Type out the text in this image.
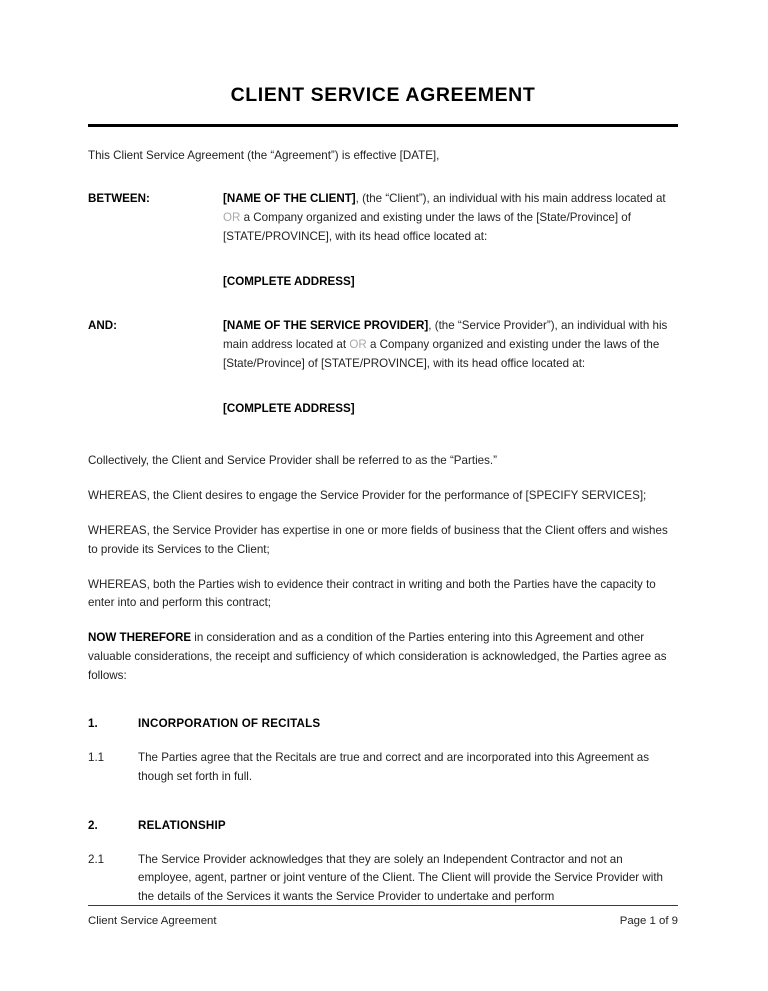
CLIENT SERVICE AGREEMENT

This Client Service Agreement (the “Agreement”) is effective [DATE],

BETWEEN:	[NAME OF THE CLIENT], (the “Client”), an individual with his main address located at OR a Company organized and existing under the laws of the [State/Province] of [STATE/PROVINCE], with its head office located at:
[COMPLETE ADDRESS]
AND:	[NAME OF THE SERVICE PROVIDER], (the “Service Provider”), an individual with his main address located at OR a Company organized and existing under the laws of the [State/Province] of [STATE/PROVINCE], with its head office located at:
[COMPLETE ADDRESS]

Collectively, the Client and Service Provider shall be referred to as the “Parties.”

WHEREAS, the Client desires to engage the Service Provider for the performance of [SPECIFY SERVICES];

WHEREAS, the Service Provider has expertise in one or more fields of business that the Client offers and wishes to provide its Services to the Client;

WHEREAS, both the Parties wish to evidence their contract in writing and both the Parties have the capacity to enter into and perform this contract;

NOW THEREFORE in consideration and as a condition of the Parties entering into this Agreement and other valuable considerations, the receipt and sufficiency of which consideration is acknowledged, the Parties agree as follows:

1.	INCORPORATION OF RECITALS
1.1	The Parties agree that the Recitals are true and correct and are incorporated into this Agreement as though set forth in full.
2.	RELATIONSHIP
2.1	The Service Provider acknowledges that they are solely an Independent Contractor and not an employee, agent, partner or joint venture of the Client. The Client will provide the Service Provider with the details of the Services it wants the Service Provider to undertake and perform
Client Service Agreement	Page 1 of 9
